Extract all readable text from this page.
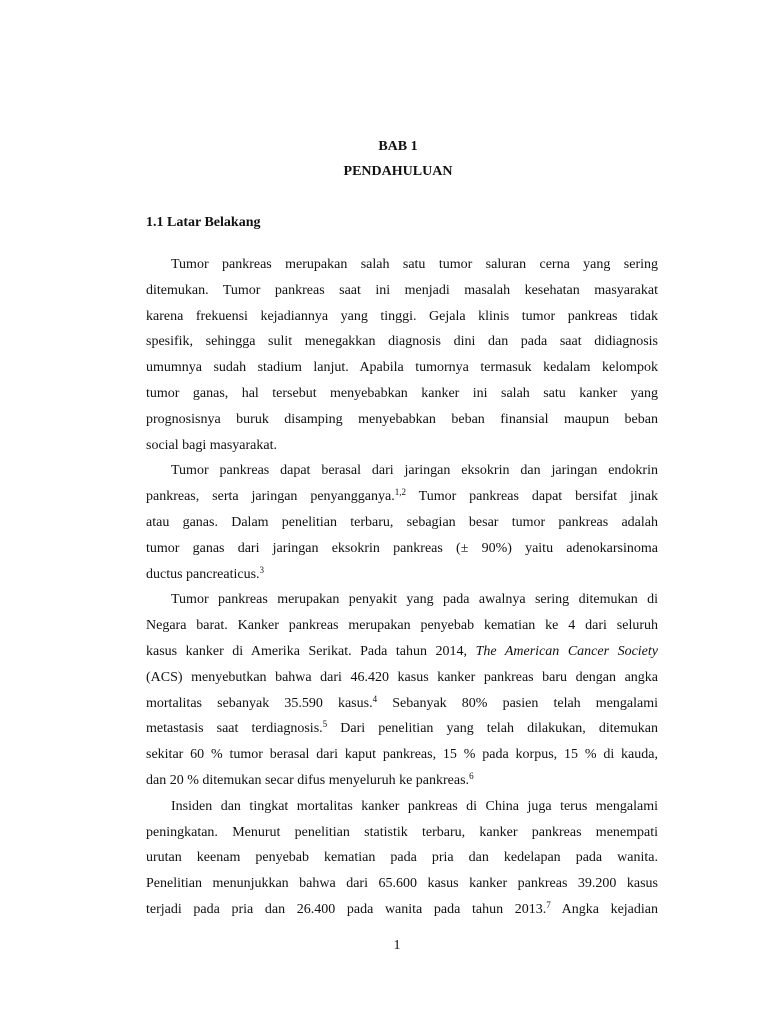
BAB 1
PENDAHULUAN
1.1 Latar Belakang

Tumor pankreas merupakan salah satu tumor saluran cerna yang sering
ditemukan. Tumor pankreas saat ini menjadi masalah kesehatan masyarakat
karena frekuensi kejadiannya yang tinggi. Gejala klinis tumor pankreas tidak
spesifik, sehingga sulit menegakkan diagnosis dini dan pada saat didiagnosis
umumnya sudah stadium lanjut. Apabila tumornya termasuk kedalam kelompok
tumor ganas, hal tersebut menyebabkan kanker ini salah satu kanker yang
prognosisnya buruk disamping menyebabkan beban finansial maupun beban
social bagi masyarakat.

Tumor pankreas dapat berasal dari jaringan eksokrin dan jaringan endokrin
pankreas, serta jaringan penyangganya.$^{1,2}$ Tumor pankreas dapat bersifat jinak
atau ganas. Dalam penelitian terbaru, sebagian besar tumor pankreas adalah
tumor ganas dari jaringan eksokrin pankreas (± 90%) yaitu adenokarsinoma
ductus pancreaticus.$^3$

Tumor pankreas merupakan penyakit yang pada awalnya sering ditemukan di
Negara barat. Kanker pankreas merupakan penyebab kematian ke 4 dari seluruh
kasus kanker di Amerika Serikat. Pada tahun 2014, The American Cancer Society
(ACS) menyebutkan bahwa dari 46.420 kasus kanker pankreas baru dengan angka
mortalitas sebanyak 35.590 kasus.$^4$ Sebanyak 80% pasien telah mengalami
metastasis saat terdiagnosis.$^5$ Dari penelitian yang telah dilakukan, ditemukan
sekitar 60 % tumor berasal dari kaput pankreas, 15 % pada korpus, 15 % di kauda,
dan 20 % ditemukan secar difus menyeluruh ke pankreas.$^6$

Insiden dan tingkat mortalitas kanker pankreas di China juga terus mengalami
peningkatan. Menurut penelitian statistik terbaru, kanker pankreas menempati
urutan keenam penyebab kematian pada pria dan kedelapan pada wanita.
Penelitian menunjukkan bahwa dari 65.600 kasus kanker pankreas 39.200 kasus
terjadi pada pria dan 26.400 pada wanita pada tahun 2013.$^7$ Angka kejadian

1
